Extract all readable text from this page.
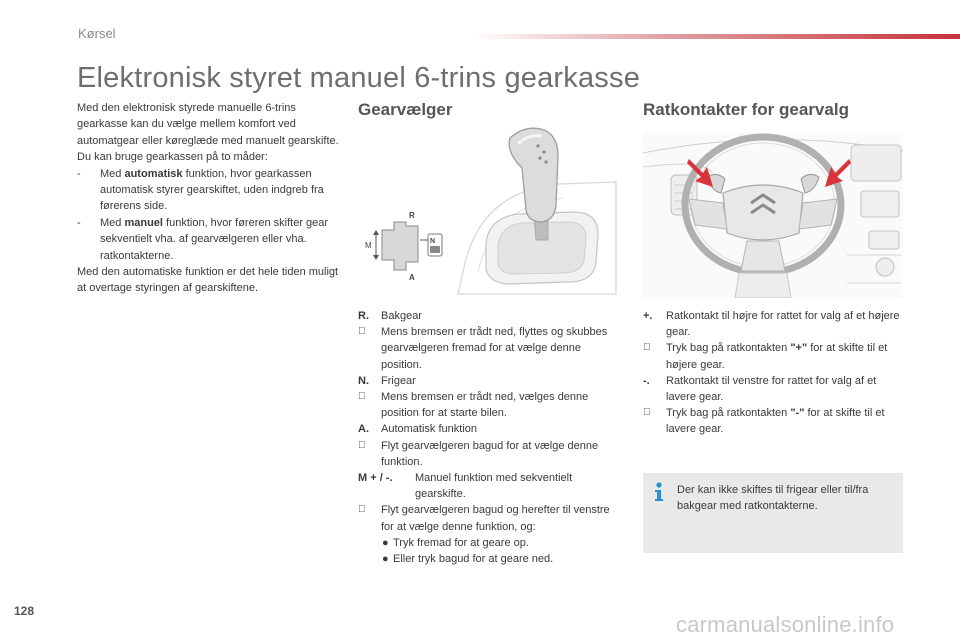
Kørsel
Elektronisk styret manuel 6-trins gearkasse

Med den elektronisk styrede manuelle 6-trins gearkasse kan du vælge mellem komfort ved automatgear eller køreglæde med manuelt gearskifte.

Du kan bruge gearkassen på to måder:

- Med automatisk funktion, hvor gearkassen automatisk styrer gearskiftet, uden indgreb fra førerens side.
- Med manuel funktion, hvor føreren skifter gear sekventielt vha. af gearvælgeren eller vha. ratkontakterne.

Med den automatiske funktion er det hele tiden muligt at overtage styringen af gearskiftene.

Gearvælger	Ratkontakter for gearvalg
M
R
A
N
R. Bakgear
Mens bremsen er trådt ned, flyttes og skubbes gearvælgeren fremad for at vælge denne position.
N. Frigear
Mens bremsen er trådt ned, vælges denne position for at starte bilen.
A. Automatisk funktion
Flyt gearvælgeren bagud for at vælge denne funktion.
M + / -. Manuel funktion med sekventielt gearskifte.
Flyt gearvælgeren bagud og herefter til venstre for at vælge denne funktion, og:
● Tryk fremad for at geare op.
● Eller tryk bagud for at geare ned.
+. Ratkontakt til højre for rattet for valg af et højere gear.
Tryk bag på ratkontakten "+" for at skifte til et højere gear.
-. Ratkontakt til venstre for rattet for valg af et lavere gear.
Tryk bag på ratkontakten "-" for at skifte til et lavere gear.
Der kan ikke skiftes til frigear eller til/fra bakgear med ratkontakterne.
128
carmanualsonline.info
